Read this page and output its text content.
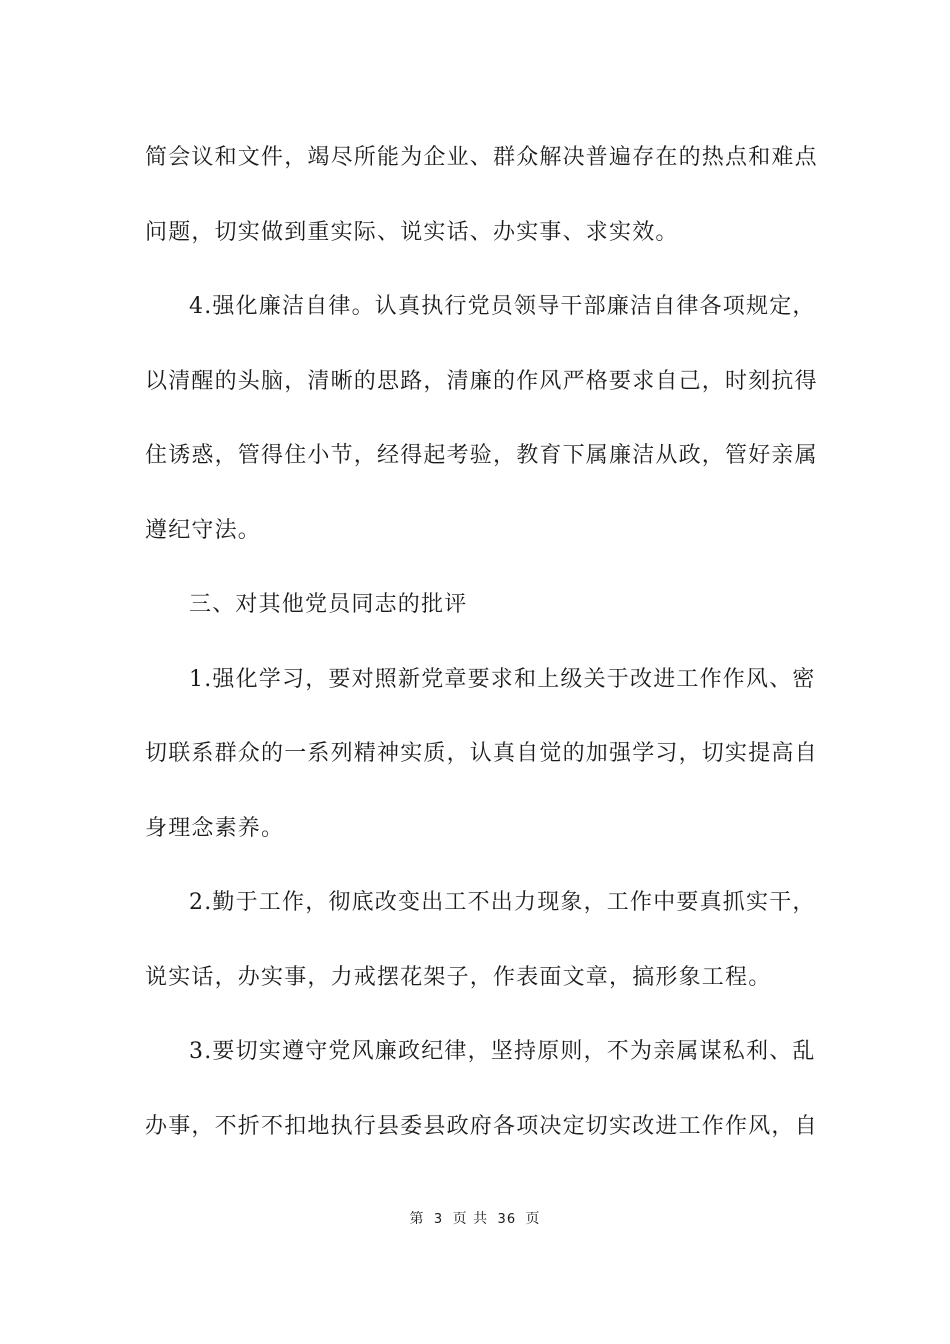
简会议和文件，竭尽所能为企业、群众解决普遍存在的热点和难点
问题，切实做到重实际、说实话、办实事、求实效。
4.强化廉洁自律。认真执行党员领导干部廉洁自律各项规定，
以清醒的头脑，清晰的思路，清廉的作风严格要求自己，时刻抗得
住诱惑，管得住小节，经得起考验，教育下属廉洁从政，管好亲属
遵纪守法。
三、对其他党员同志的批评
1.强化学习，要对照新党章要求和上级关于改进工作作风、密
切联系群众的一系列精神实质，认真自觉的加强学习，切实提高自
身理念素养。
2.勤于工作，彻底改变出工不出力现象，工作中要真抓实干，
说实话，办实事，力戒摆花架子，作表面文章，搞形象工程。
3.要切实遵守党风廉政纪律，坚持原则，不为亲属谋私利、乱
办事，不折不扣地执行县委县政府各项决定切实改进工作作风，自
第 3 页 共 36 页
